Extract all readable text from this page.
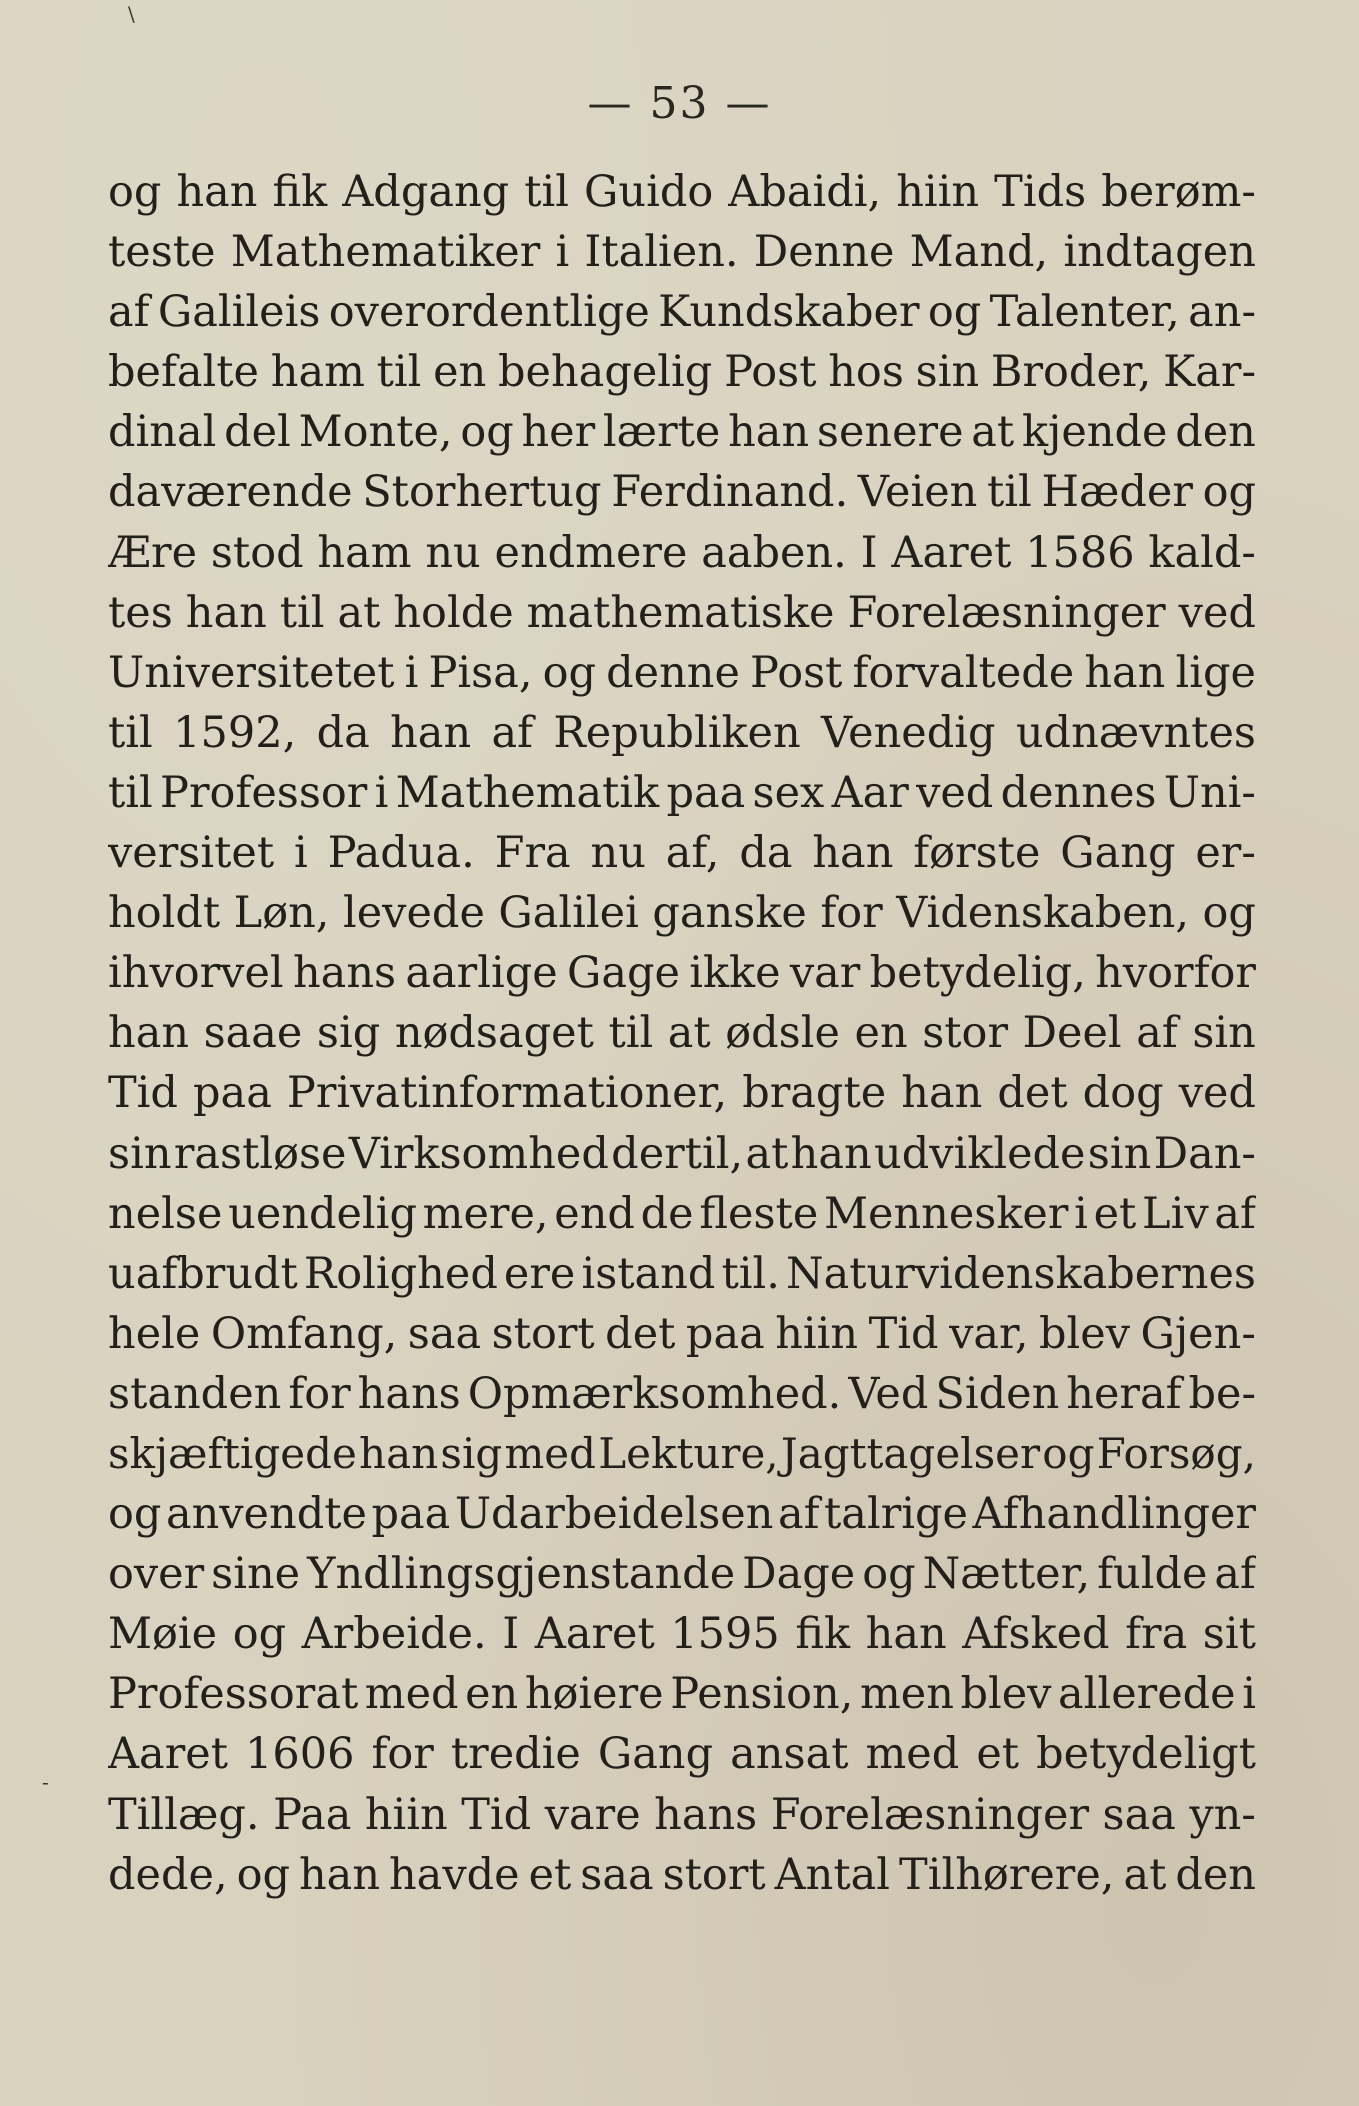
— 53 —
og han fik Adgang til Guido Abaidi, hiin Tids berøm-
teste Mathematiker i Italien. Denne Mand, indtagen
af Galileis overordentlige Kundskaber og Talenter, an-
befalte ham til en behagelig Post hos sin Broder, Kar-
dinal del Monte, og her lærte han senere at kjende den
daværende Storhertug Ferdinand. Veien til Hæder og
Ære stod ham nu endmere aaben. I Aaret 1586 kald-
tes han til at holde mathematiske Forelæsninger ved
Universitetet i Pisa, og denne Post forvaltede han lige
til 1592, da han af Republiken Venedig udnævntes
til Professor i Mathematik paa sex Aar ved dennes Uni-
versitet i Padua. Fra nu af, da han første Gang er-
holdt Løn, levede Galilei ganske for Videnskaben, og
ihvorvel hans aarlige Gage ikke var betydelig, hvorfor
han saae sig nødsaget til at ødsle en stor Deel af sin
Tid paa Privatinformationer, bragte han det dog ved
sin rastløse Virksomhed dertil, at han udviklede sin Dan-
nelse uendelig mere, end de fleste Mennesker i et Liv af
uafbrudt Rolighed ere istand til. Naturvidenskabernes
hele Omfang, saa stort det paa hiin Tid var, blev Gjen-
standen for hans Opmærksomhed. Ved Siden heraf be-
skjæftigede han sig med Lekture, Jagttagelser og Forsøg,
og anvendte paa Udarbeidelsen af talrige Afhandlinger
over sine Yndlingsgjenstande Dage og Nætter, fulde af
Møie og Arbeide. I Aaret 1595 fik han Afsked fra sit
Professorat med en høiere Pension, men blev allerede i
Aaret 1606 for tredie Gang ansat med et betydeligt
Tillæg. Paa hiin Tid vare hans Forelæsninger saa yn-
dede, og han havde et saa stort Antal Tilhørere, at den
\
-
